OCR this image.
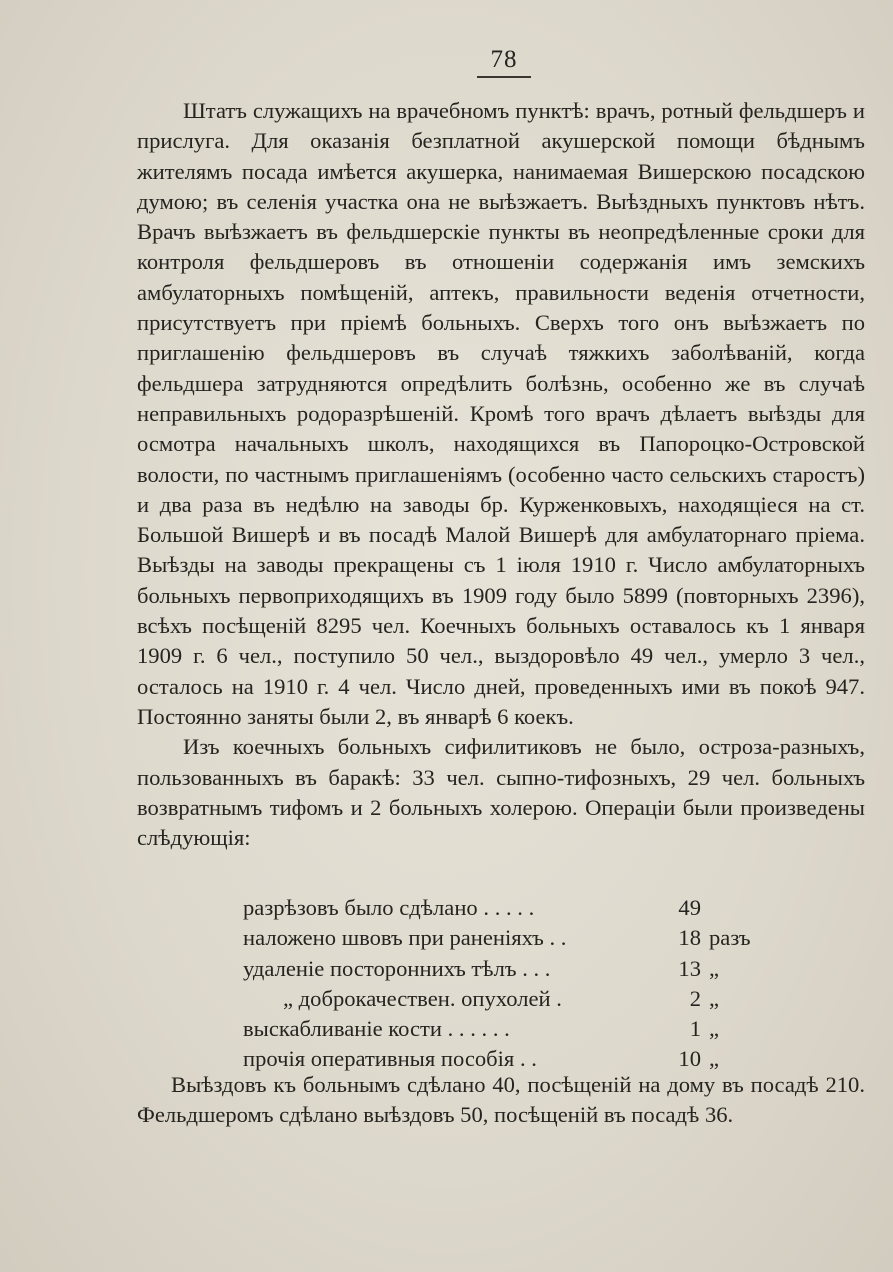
78

Штатъ служащихъ на врачебномъ пунктѣ: врачъ, ротный фельдшеръ и прислуга. Для оказанія безплатной акушерской помощи бѣднымъ жителямъ посада имѣется акушерка, нанимаемая Вишерскою посадскою думою; въ селенія участка она не выѣзжаетъ. Выѣздныхъ пунктовъ нѣтъ. Врачъ выѣзжаетъ въ фельдшерскіе пункты въ неопредѣленные сроки для контроля фельдшеровъ въ отношеніи содержанія имъ земскихъ амбулаторныхъ помѣщеній, аптекъ, правильности веденія отчетности, присутствуетъ при пріемѣ больныхъ. Сверхъ того онъ выѣзжаетъ по приглашенію фельдшеровъ въ случаѣ тяжкихъ заболѣваній, когда фельдшера затрудняются опредѣлить болѣзнь, особенно же въ случаѣ неправильныхъ родоразрѣшеній. Кромѣ того врачъ дѣлаетъ выѣзды для осмотра начальныхъ школъ, находящихся въ Папороцко-Островской волости, по частнымъ приглашеніямъ (особенно часто сельскихъ старостъ) и два раза въ недѣлю на заводы бр. Курженковыхъ, находящіеся на ст. Большой Вишерѣ и въ посадѣ Малой Вишерѣ для амбулаторнаго пріема. Выѣзды на заводы прекращены съ 1 іюля 1910 г. Число амбулаторныхъ больныхъ первоприходящихъ въ 1909 году было 5899 (повторныхъ 2396), всѣхъ посѣщеній 8295 чел. Коечныхъ больныхъ оставалось къ 1 января 1909 г. 6 чел., поступило 50 чел., выздоровѣло 49 чел., умерло 3 чел., осталось на 1910 г. 4 чел. Число дней, проведенныхъ ими въ покоѣ 947. Постоянно заняты были 2, въ январѣ 6 коекъ.

Изъ коечныхъ больныхъ сифилитиковъ не было, остроза-разныхъ, пользованныхъ въ баракѣ: 33 чел. сыпно-тифозныхъ, 29 чел. больныхъ возвратнымъ тифомъ и 2 больныхъ холерою. Операціи были произведены слѣдующія:

разрѣзовъ было сдѣлано . . . . .	49
наложено швовъ при раненіяхъ . .	18 разъ
удаленіе постороннихъ тѣлъ . . .	13 „
„ доброкачествен. опухолей .	2 „
выскабливаніе кости . . . . . .	1 „
прочія оперативныя пособія . .	10 „

Выѣздовъ къ больнымъ сдѣлано 40, посѣщеній на дому въ посадѣ 210. Фельдшеромъ сдѣлано выѣздовъ 50, посѣщеній въ посадѣ 36.
